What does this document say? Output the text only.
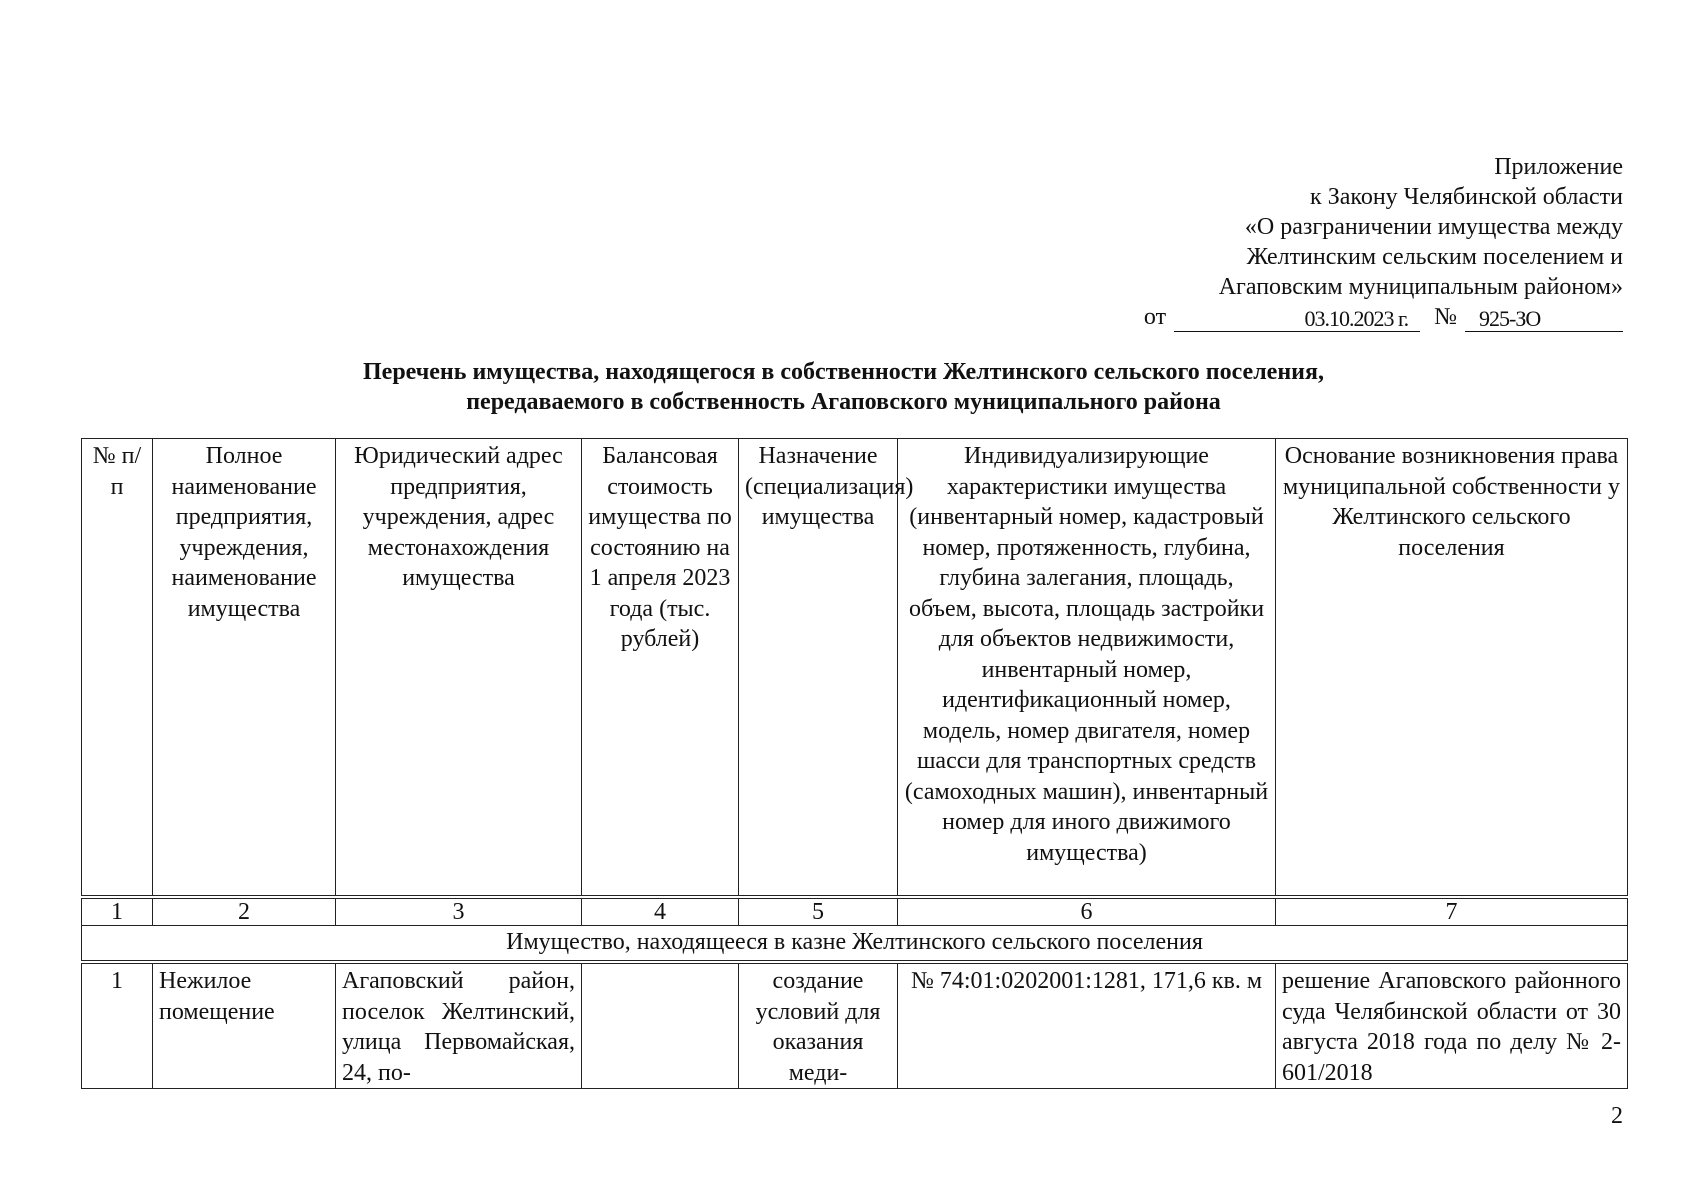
Приложение
к Закону Челябинской области
«О разграничении имущества между
Желтинским сельским поселением и
Агаповским муниципальным районом»
от	03.10.2023 г.	№	925-ЗО
Перечень имущества, находящегося в собственности Желтинского сельского поселения,
передаваемого в собственность Агаповского муниципального района
№ п/п	Полное наименование предприятия, учреждения, наименование имущества	Юридический адрес предприятия, учреждения, адрес местонахождения имущества	Балансовая стоимость имущества по состоянию на 1 апреля 2023 года (тыс. рублей)	Назначение (специализация) имущества	Индивидуализирующие характеристики имущества (инвентарный номер, кадастровый номер, протяженность, глубина, глубина залегания, площадь, объем, высота, площадь застройки для объектов недвижимости, инвентарный номер, идентификационный номер, модель, номер двигателя, номер шасси для транспортных средств (самоходных машин), инвентарный номер для иного движимого имущества)	Основание возникновения права муниципальной собственности у Желтинского сельского поселения
1	2	3	4	5	6	7
Имущество, находящееся в казне Желтинского сельского поселения						
1	Нежилое помещение	Агаповский район, поселок Желтинский, улица Первомайская, 24, по-		создание условий для оказания меди-	№ 74:01:0202001:1281, 171,6 кв. м	решение Агаповского районного суда Челябинской области от 30 августа 2018 года по делу № 2-601/2018
2
